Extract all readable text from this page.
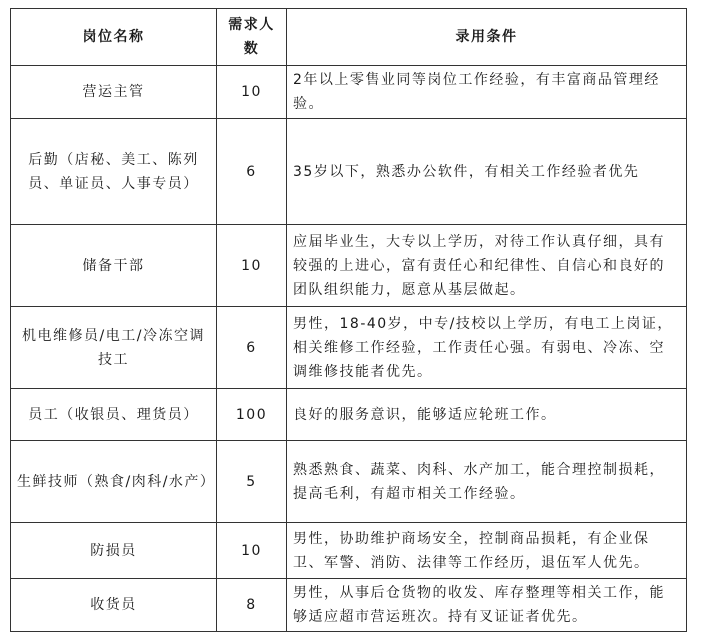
岗位名称	需求人数	录用条件
营运主管	10	2年以上零售业同等岗位工作经验，有丰富商品管理经验。
后勤（店秘、美工、陈列员、单证员、人事专员）	6	35岁以下，熟悉办公软件，有相关工作经验者优先
储备干部	10	应届毕业生，大专以上学历，对待工作认真仔细，具有较强的上进心，富有责任心和纪律性、自信心和良好的团队组织能力，愿意从基层做起。
机电维修员/电工/冷冻空调技工	6	男性，18-40岁，中专/技校以上学历，有电工上岗证，相关维修工作经验，工作责任心强。有弱电、冷冻、空调维修技能者优先。
员工（收银员、理货员）	100	良好的服务意识，能够适应轮班工作。
生鲜技师（熟食/肉科/水产）	5	熟悉熟食、蔬菜、肉科、水产加工，能合理控制损耗，提高毛利，有超市相关工作经验。
防损员	10	男性，协助维护商场安全，控制商品损耗，有企业保卫、军警、消防、法律等工作经历，退伍军人优先。
收货员	8	男性，从事后仓货物的收发、库存整理等相关工作，能够适应超市营运班次。持有叉证证者优先。
